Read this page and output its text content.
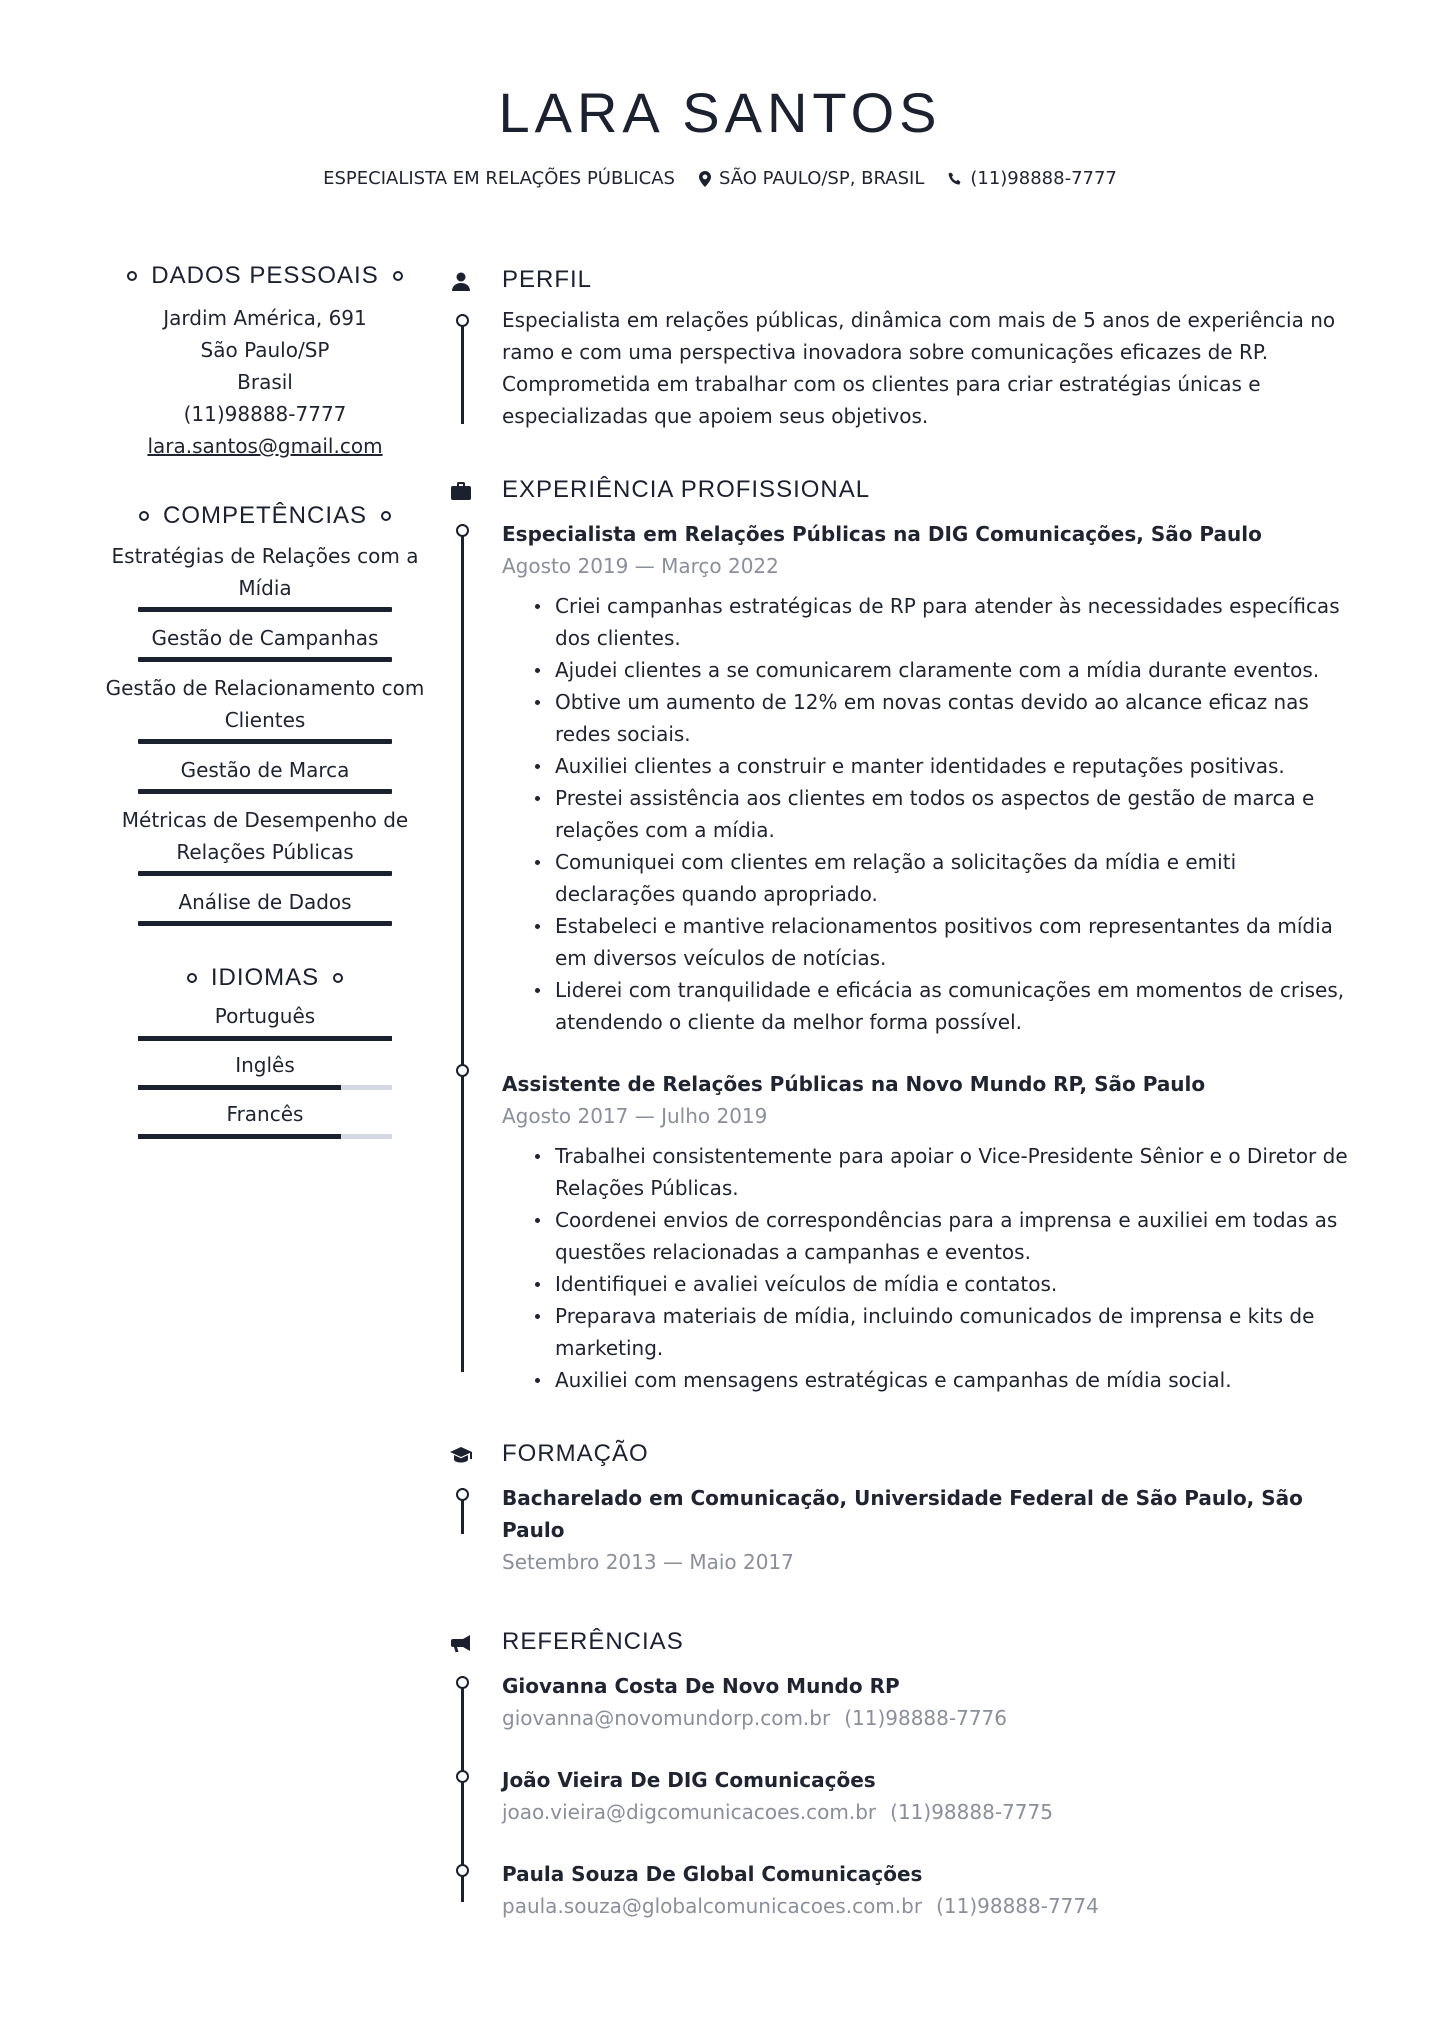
LARA SANTOS
ESPECIALISTA EM RELAÇÕES PÚBLICAS SÃO PAULO/SP, BRASIL	(11)98888-7777
DADOS PESSOAIS
Jardim América, 691
São Paulo/SP
Brasil
(11)98888-7777
lara.santos@gmail.com
COMPETÊNCIAS
Estratégias de Relações com a Mídia
Gestão de Campanhas
Gestão de Relacionamento com Clientes
Gestão de Marca
Métricas de Desempenho de Relações Públicas
Análise de Dados
IDIOMAS
Português
Inglês
Francês
PERFIL
Especialista em relações públicas, dinâmica com mais de 5 anos de experiência no ramo e com uma perspectiva inovadora sobre comunicações eficazes de RP. Comprometida em trabalhar com os clientes para criar estratégias únicas e especializadas que apoiem seus objetivos.
EXPERIÊNCIA PROFISSIONAL
Especialista em Relações Públicas na DIG Comunicações, São Paulo
Agosto 2019 — Março 2022
Criei campanhas estratégicas de RP para atender às necessidades específicas dos clientes.
Ajudei clientes a se comunicarem claramente com a mídia durante eventos.
Obtive um aumento de 12% em novas contas devido ao alcance eficaz nas redes sociais.
Auxiliei clientes a construir e manter identidades e reputações positivas.
Prestei assistência aos clientes em todos os aspectos de gestão de marca e relações com a mídia.
Comuniquei com clientes em relação a solicitações da mídia e emiti declarações quando apropriado.
Estabeleci e mantive relacionamentos positivos com representantes da mídia em diversos veículos de notícias.
Liderei com tranquilidade e eficácia as comunicações em momentos de crises, atendendo o cliente da melhor forma possível.
Assistente de Relações Públicas na Novo Mundo RP, São Paulo
Agosto 2017 — Julho 2019
Trabalhei consistentemente para apoiar o Vice-Presidente Sênior e o Diretor de Relações Públicas.
Coordenei envios de correspondências para a imprensa e auxiliei em todas as questões relacionadas a campanhas e eventos.
Identifiquei e avaliei veículos de mídia e contatos.
Preparava materiais de mídia, incluindo comunicados de imprensa e kits de marketing.
Auxiliei com mensagens estratégicas e campanhas de mídia social.
FORMAÇÃO
Bacharelado em Comunicação, Universidade Federal de São Paulo, São Paulo
Setembro 2013 — Maio 2017
REFERÊNCIAS
Giovanna Costa De Novo Mundo RP
giovanna@novomundorp.com.br (11)98888-7776
João Vieira De DIG Comunicações
joao.vieira@digcomunicacoes.com.br (11)98888-7775
Paula Souza De Global Comunicações
paula.souza@globalcomunicacoes.com.br (11)98888-7774
